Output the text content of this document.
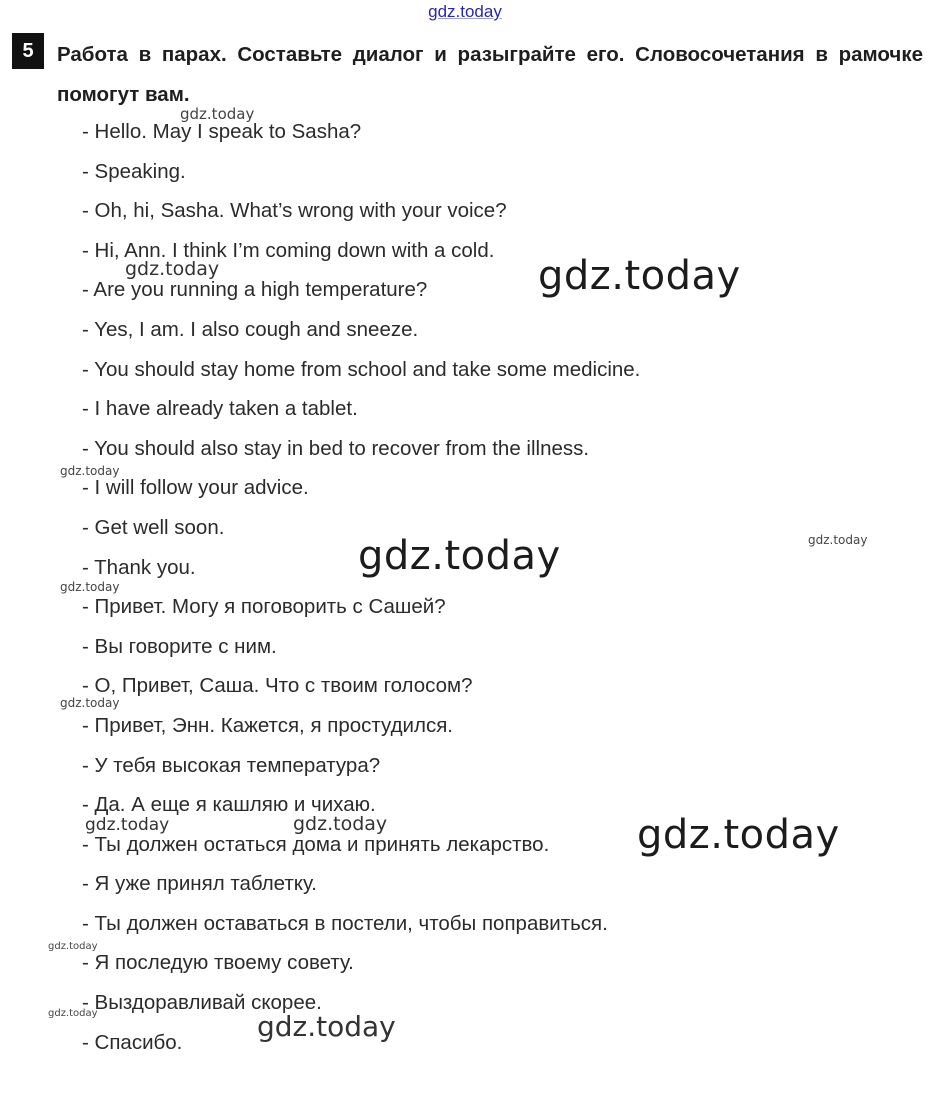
gdz.today
5	Работа в парах. Составьте диалог и разыграйте его. Словосочетания в рамочке помогут вам.
- Hello. May I speak to Sasha?
- Speaking.
- Oh, hi, Sasha. What’s wrong with your voice?
- Hi, Ann. I think I’m coming down with a cold.
- Are you running a high temperature?
- Yes, I am. I also cough and sneeze.
- You should stay home from school and take some medicine.
- I have already taken a tablet.
- You should also stay in bed to recover from the illness.
- I will follow your advice.
- Get well soon.
- Thank you.
- Привет. Могу я поговорить с Сашей?
- Вы говорите с ним.
- О, Привет, Саша. Что с твоим голосом?
- Привет, Энн. Кажется, я простудился.
- У тебя высокая температура?
- Да. А еще я кашляю и чихаю.
- Ты должен остаться дома и принять лекарство.
- Я уже принял таблетку.
- Ты должен оставаться в постели, чтобы поправиться.
- Я последую твоему совету.
- Выздоравливай скорее.
- Спасибо.
gdz.today
gdz.today	gdz.today
gdz.today
gdz.today
gdz.today
gdz.today
gdz.today
gdz.today	gdz.today	gdz.today
gdz.today
gdz.today	gdz.today
